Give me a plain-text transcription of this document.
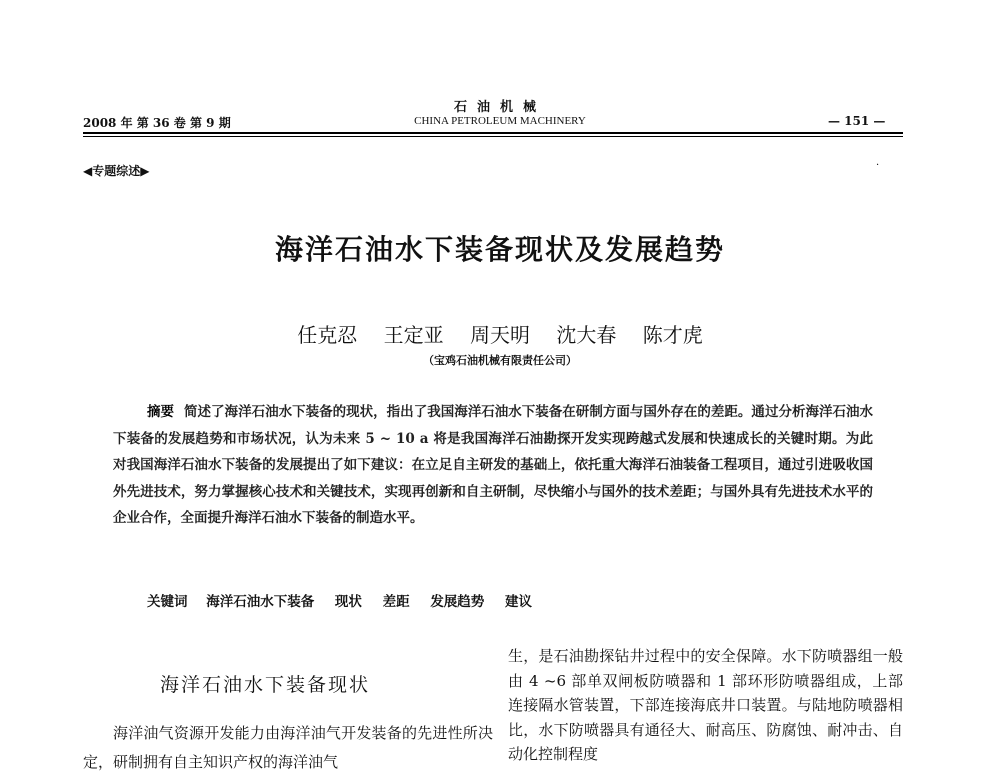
石油机械
2008 年 第 36 卷 第 9 期	CHINA PETROLEUM MACHINERY	— 151 —
◀专题综述▶	·
海洋石油水下装备现状及发展趋势
任克忍 王定亚 周天明 沈大春 陈才虎
（宝鸡石油机械有限责任公司）
摘要 简述了海洋石油水下装备的现状，指出了我国海洋石油水下装备在研制方面与国外存在的差距。通过分析海洋石油水下装备的发展趋势和市场状况，认为未来 5 ~ 10 a 将是我国海洋石油勘探开发实现跨越式发展和快速成长的关键时期。为此对我国海洋石油水下装备的发展提出了如下建议：在立足自主研发的基础上，依托重大海洋石油装备工程项目，通过引进吸收国外先进技术，努力掌握核心技术和关键技术，实现再创新和自主研制，尽快缩小与国外的技术差距；与国外具有先进技术水平的企业合作，全面提升海洋石油水下装备的制造水平。
关键词 海洋石油水下装备 现状 差距 发展趋势 建议
海洋石油水下装备现状
海洋油气资源开发能力由海洋油气开发装备的先进性所决定，研制拥有自主知识产权的海洋油气
生，是石油勘探钻井过程中的安全保障。水下防喷器组一般由 4 ~6 部单双闸板防喷器和 1 部环形防喷器组成，上部连接隔水管装置，下部连接海底井口装置。与陆地防喷器相比，水下防喷器具有通径大、耐高压、防腐蚀、耐冲击、自动化控制程度
